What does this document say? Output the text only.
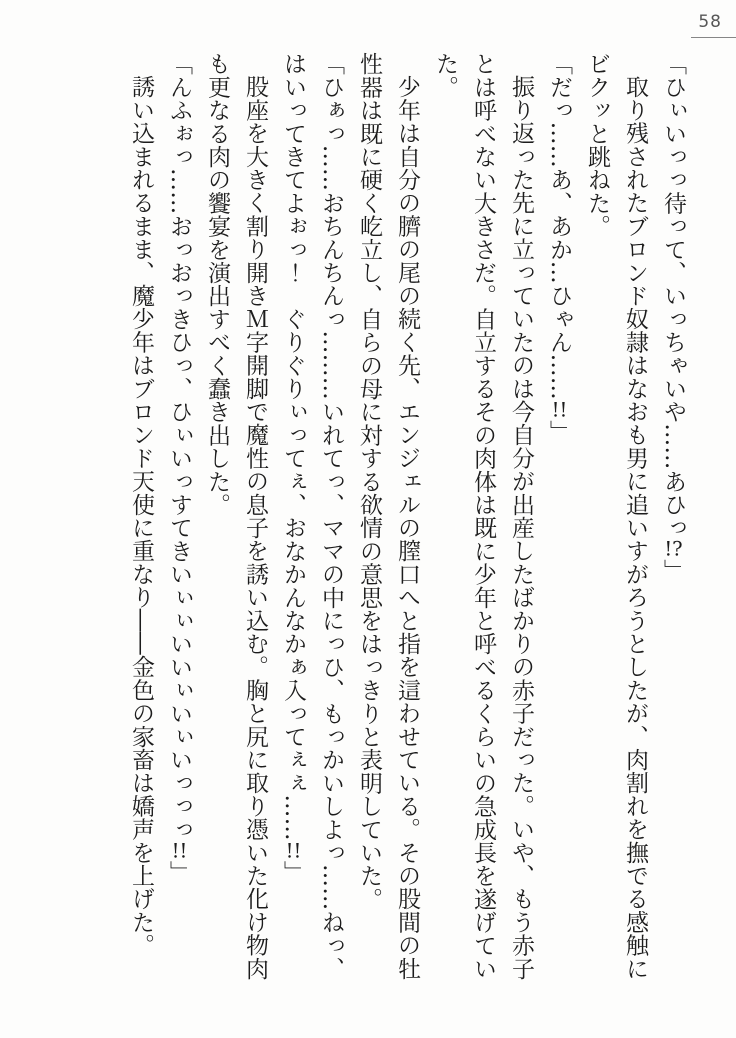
58

「ひぃいっっ待って、いっちゃいや……あひっ!?」

取り残されたブロンド奴隷はなおも男に追いすがろうとしたが、肉割れを撫でる感触にビクッと跳ねた。

「だっ……あ、あか…ひゃん……!!」

振り返った先に立っていたのは今自分が出産したばかりの赤子だった。いや、もう赤子とは呼べない大きさだ。自立するその肉体は既に少年と呼べるくらいの急成長を遂げていた。

少年は自分の臍の尾の続く先、エンジェルの膣口へと指を這わせている。その股間の牡性器は既に硬く屹立し、自らの母に対する欲情の意思をはっきりと表明していた。

「ひぁっ……おちんちんっ………いれてっ、ママの中にっひ、もっかいしよっ……ねっ、はいってきてよぉっ！　ぐりぐりぃってぇ、おなかんなかぁ入ってぇぇ……!!」

股座を大きく割り開きＭ字開脚で魔性の息子を誘い込む。胸と尻に取り憑いた化け物肉も更なる肉の饗宴を演出すべく蠢き出した。

「んふぉっ……おっおっきひっ、ひぃいっすてきいぃぃいいぃいぃいっっっ!!」

誘い込まれるまま、魔少年はブロンド天使に重なり――金色の家畜は嬌声を上げた。
